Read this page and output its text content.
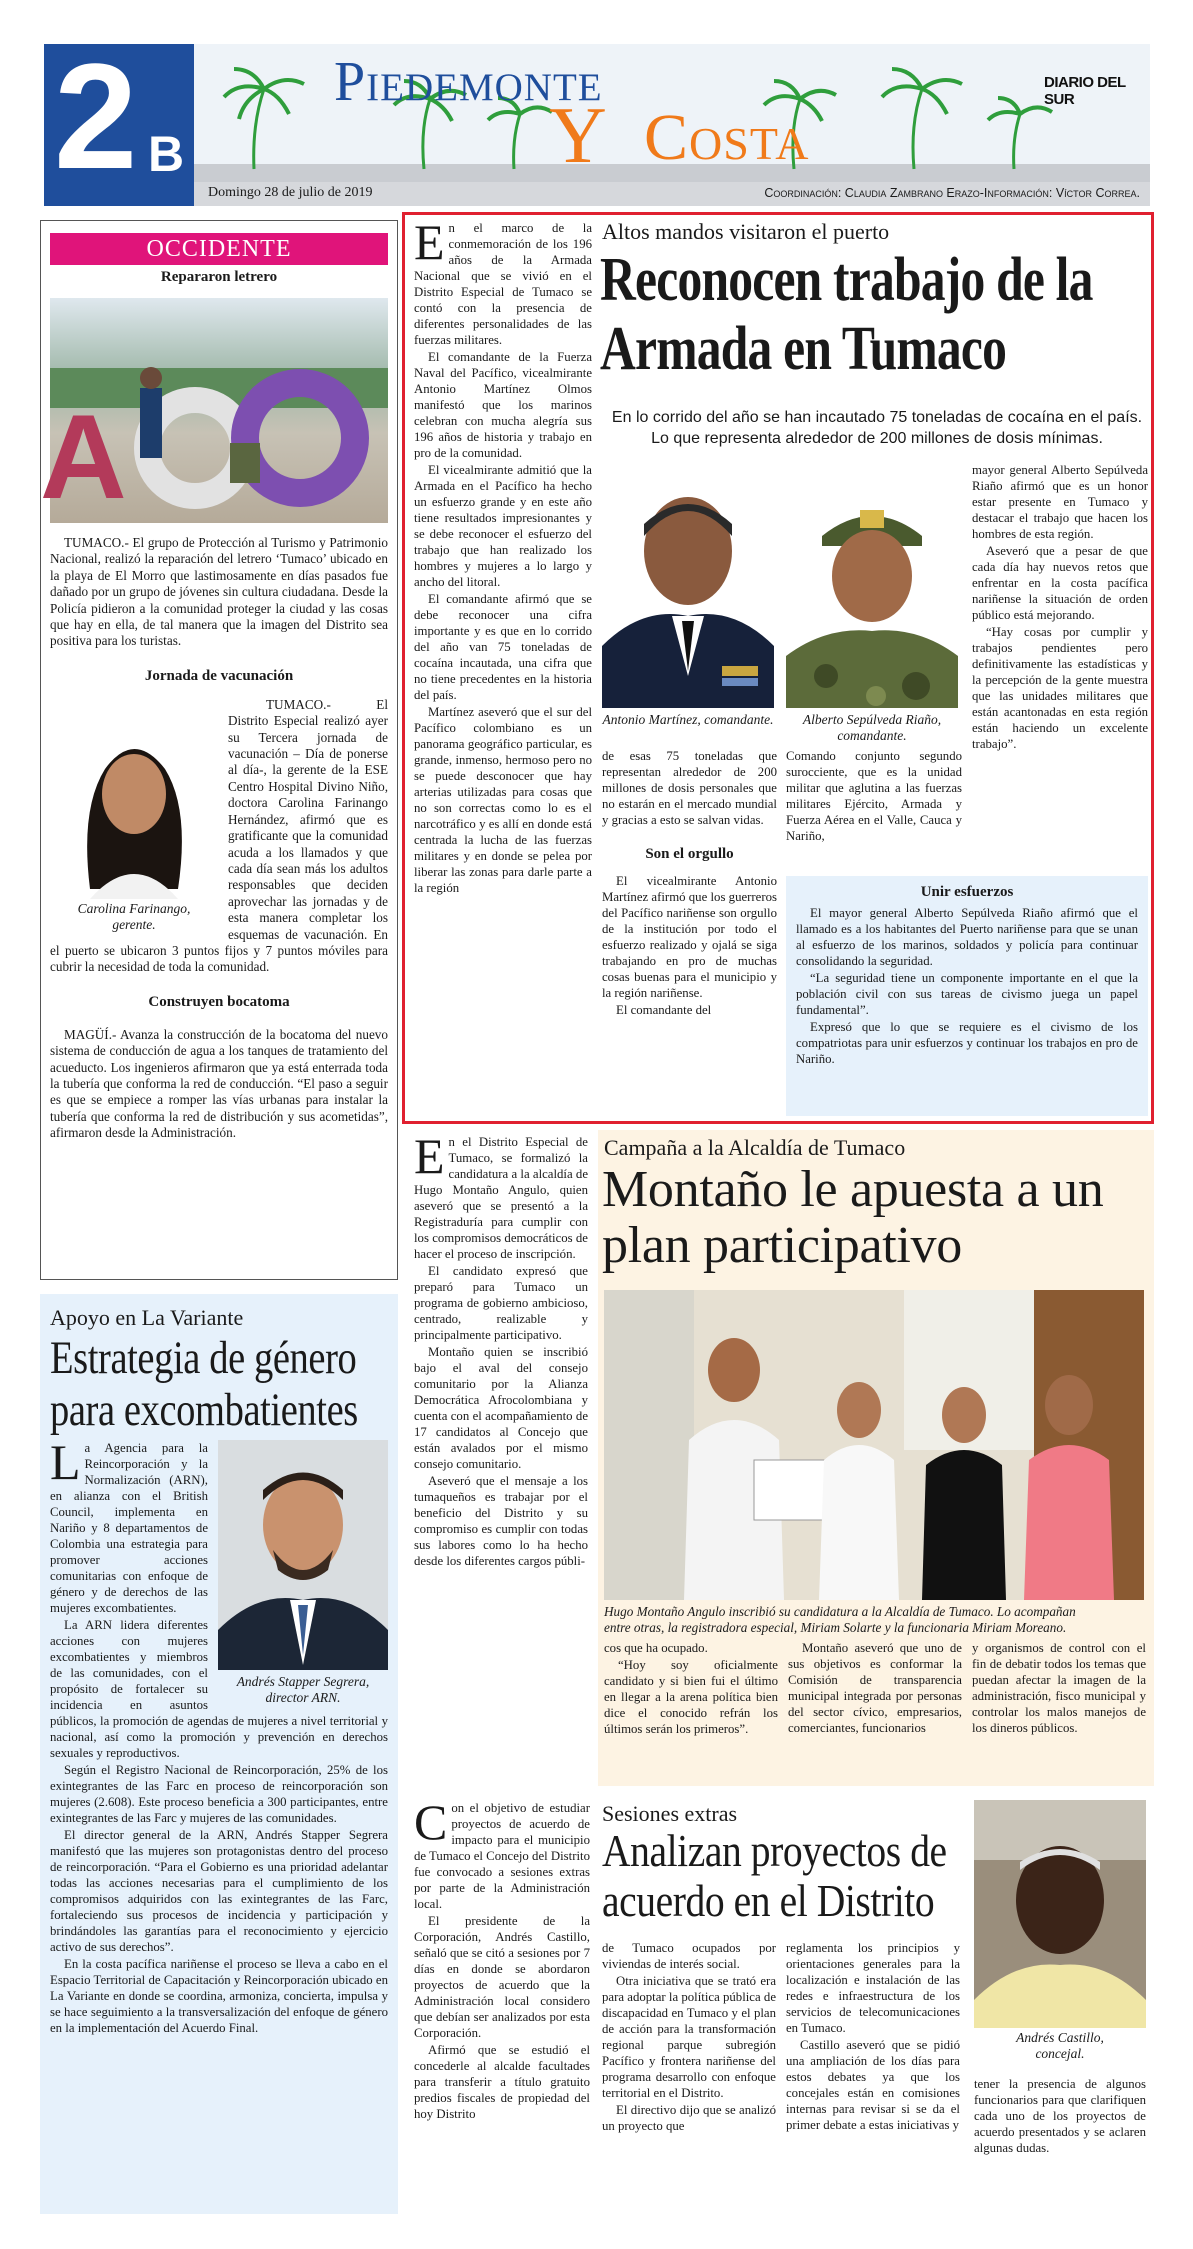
2 B
Piedemonte
Y Costa
DIARIO DEL SUR
Domingo 28 de julio de 2019	Coordinación: Claudia Zambrano Erazo-Información: Víctor Correa.
OCCIDENTE
Repararon letrero
A

TUMACO.- El grupo de Protección al Turismo y Patrimonio Nacional, realizó la reparación del letrero ‘Tumaco’ ubicado en la playa de El Morro que lastimosamente en días pasados fue dañado por un grupo de jóvenes sin cultura ciudadana. Desde la Policía pidieron a la comunidad proteger la ciudad y las cosas que hay en ella, de tal manera que la imagen del Distrito sea positiva para los turistas.

Jornada de vacunación
Carolina Farinango, gerente.

TUMACO.- El Distrito Especial realizó ayer su Tercera jornada de vacunación – Día de ponerse al día-, la gerente de la ESE Centro Hospital Divino Niño, doctora Carolina Farinango Hernández, afirmó que es gratificante que la comunidad acuda a los llamados y que cada día sean más los adultos responsables que deciden aprovechar las jornadas y de esta manera completar los esquemas de vacunación. En el puerto se ubicaron 3 puntos fijos y 7 puntos móviles para cubrir la necesidad de toda la comunidad.

Construyen bocatoma

MAGÜÍ.- Avanza la construcción de la bocatoma del nuevo sistema de conducción de agua a los tanques de tratamiento del acueducto. Los ingenieros afirmaron que ya está enterrada toda la tubería que conforma la red de conducción. “El paso a seguir es que se empiece a romper las vías urbanas para instalar la tubería que conforma la red de distribución y sus acometidas”, afirmaron desde la Administración.

E n el marco de la conmemoración de los 196 años de la Armada Nacional que se vivió en el Distrito Especial de Tumaco se contó con la presencia de diferentes personalidades de las fuerzas militares.

El comandante de la Fuerza Naval del Pacífico, vicealmirante Antonio Martínez Olmos manifestó que los marinos celebran con mucha alegría sus 196 años de historia y trabajo en pro de la comunidad.

El vicealmirante admitió que la Armada en el Pacífico ha hecho un esfuerzo grande y en este año tiene resultados impresionantes y se debe reconocer el esfuerzo del trabajo que han realizado los hombres y mujeres a lo largo y ancho del litoral.

El comandante afirmó que se debe reconocer una cifra importante y es que en lo corrido del año van 75 toneladas de cocaína incautada, una cifra que no tiene precedentes en la historia del país.

Martínez aseveró que el sur del Pacífico colombiano es un panorama geográfico particular, es grande, inmenso, hermoso pero no se puede desconocer que hay arterias utilizadas para cosas que no son correctas como lo es el narcotráfico y es allí en donde está centrada la lucha de las fuerzas militares y en donde se pelea por liberar las zonas para darle parte a la región

Altos mandos visitaron el puerto
Reconocen trabajo de la Armada en Tumaco
En lo corrido del año se han incautado 75 toneladas de cocaína en el país.
Lo que representa alrededor de 200 millones de dosis mínimas.
Antonio Martínez, comandante.	Alberto Sepúlveda Riaño, comandante.

de esas 75 toneladas que representan alrededor de 200 millones de dosis personales que no estarán en el mercado mundial y gracias a esto se salvan vidas.

Son el orgullo

El vicealmirante Antonio Martínez afirmó que los guerreros del Pacífico nariñense son orgullo de la institución por todo el esfuerzo realizado y ojalá se siga trabajando en pro de muchas cosas buenas para el municipio y la región nariñense.

El comandante del

Comando conjunto segundo surocciente, que es la unidad militar que aglutina a las fuerzas militares Ejército, Armada y Fuerza Aérea en el Valle, Cauca y Nariño,

mayor general Alberto Sepúlveda Riaño afirmó que es un honor estar presente en Tumaco y destacar el trabajo que hacen los hombres de esta región.

Aseveró que a pesar de que cada día hay nuevos retos que enfrentar en la costa pacífica nariñense la situación de orden público está mejorando.

“Hay cosas por cumplir y trabajos pendientes pero definitivamente las estadísticas y la percepción de la gente muestra que las unidades militares que están acantonadas en esta región están haciendo un excelente trabajo”.

Unir esfuerzos

El mayor general Alberto Sepúlveda Riaño afirmó que el llamado es a los habitantes del Puerto nariñense para que se unan al esfuerzo de los marinos, soldados y policía para continuar consolidando la seguridad.

“La seguridad tiene un componente importante en el que la población civil con sus tareas de civismo juega un papel fundamental”.

Expresó que lo que se requiere es el civismo de los compatriotas para unir esfuerzos y continuar los trabajos en pro de Nariño.

Apoyo en La Variante
Estrategia de género para excombatientes
Andrés Stapper Segrera, director ARN.
L a Agencia para la Reincorporación y la Normalización (ARN), en alianza con el British Council, implementa en Nariño y 8 departamentos de Colombia una estrategia para promover acciones comunitarias con enfoque de género y de derechos de las mujeres excombatientes.

La ARN lidera diferentes acciones con mujeres excombatientes y miembros de las comunidades, con el propósito de fortalecer su incidencia en asuntos públicos, la promoción de agendas de mujeres a nivel territorial y nacional, así como la promoción y prevención en derechos sexuales y reproductivos.

Según el Registro Nacional de Reincorporación, 25% de los exintegrantes de las Farc en proceso de reincorporación son mujeres (2.608). Este proceso beneficia a 300 participantes, entre exintegrantes de las Farc y mujeres de las comunidades.

El director general de la ARN, Andrés Stapper Segrera manifestó que las mujeres son protagonistas dentro del proceso de reincorporación. “Para el Gobierno es una prioridad adelantar todas las acciones necesarias para el cumplimiento de los compromisos adquiridos con las exintegrantes de las Farc, fortaleciendo sus procesos de incidencia y participación y brindándoles las garantías para el reconocimiento y ejercicio activo de sus derechos”.

En la costa pacífica nariñense el proceso se lleva a cabo en el Espacio Territorial de Capacitación y Reincorporación ubicado en La Variante en donde se coordina, armoniza, concierta, impulsa y se hace seguimiento a la transversalización del enfoque de género en la implementación del Acuerdo Final.

E n el Distrito Especial de Tumaco, se formalizó la candidatura a la alcaldía de Hugo Montaño Angulo, quien aseveró que se presentó a la Registraduría para cumplir con los compromisos democráticos de hacer el proceso de inscripción.

El candidato expresó que preparó para Tumaco un programa de gobierno ambicioso, centrado, realizable y principalmente participativo.

Montaño quien se inscribió bajo el aval del consejo comunitario por la Alianza Democrática Afrocolombiana y cuenta con el acompañamiento de 17 candidatos al Concejo que están avalados por el mismo consejo comunitario.

Aseveró que el mensaje a los tumaqueños es trabajar por el beneficio del Distrito y su compromiso es cumplir con todas sus labores como lo ha hecho desde los diferentes cargos públi-

Campaña a la Alcaldía de Tumaco
Montaño le apuesta a un plan participativo
Hugo Montaño Angulo inscribió su candidatura a la Alcaldía de Tumaco. Lo acompañan
entre otras, la registradora especial, Miriam Solarte y la funcionaria Miriam Moreano.

cos que ha ocupado.

“Hoy soy oficialmente candidato y si bien fui el último en llegar a la arena política bien dice el conocido refrán los últimos serán los primeros”.

Montaño aseveró que uno de sus objetivos es conformar la Comisión de transparencia municipal integrada por personas del sector cívico, empresarios, comerciantes, funcionarios

y organismos de control con el fin de debatir todos los temas que puedan afectar la imagen de la administración, fisco municipal y controlar los malos manejos de los dineros públicos.

C on el objetivo de estudiar proyectos de acuerdo de impacto para el municipio de Tumaco el Concejo del Distrito fue convocado a sesiones extras por parte de la Administración local.

El presidente de la Corporación, Andrés Castillo, señaló que se citó a sesiones por 7 días en donde se abordaron proyectos de acuerdo que la Administración local considero que debían ser analizados por esta Corporación.

Afirmó que se estudió el concederle al alcalde facultades para transferir a título gratuito predios fiscales de propiedad del hoy Distrito

Sesiones extras
Analizan proyectos de acuerdo en el Distrito

de Tumaco ocupados por viviendas de interés social.

Otra iniciativa que se trató era para adoptar la política pública de discapacidad en Tumaco y el plan de acción para la transformación regional parque subregión Pacífico y frontera nariñense del programa desarrollo con enfoque territorial en el Distrito.

El directivo dijo que se analizó un proyecto que

reglamenta los principios y orientaciones generales para la localización e instalación de las redes e infraestructura de los servicios de telecomunicaciones en Tumaco.

Castillo aseveró que se pidió una ampliación de los días para estos debates ya que los concejales están en comisiones internas para revisar si se da el primer debate a estas iniciativas y

Andrés Castillo, concejal.

tener la presencia de algunos funcionarios para que clarifiquen cada uno de los proyectos de acuerdo presentados y se aclaren algunas dudas.
